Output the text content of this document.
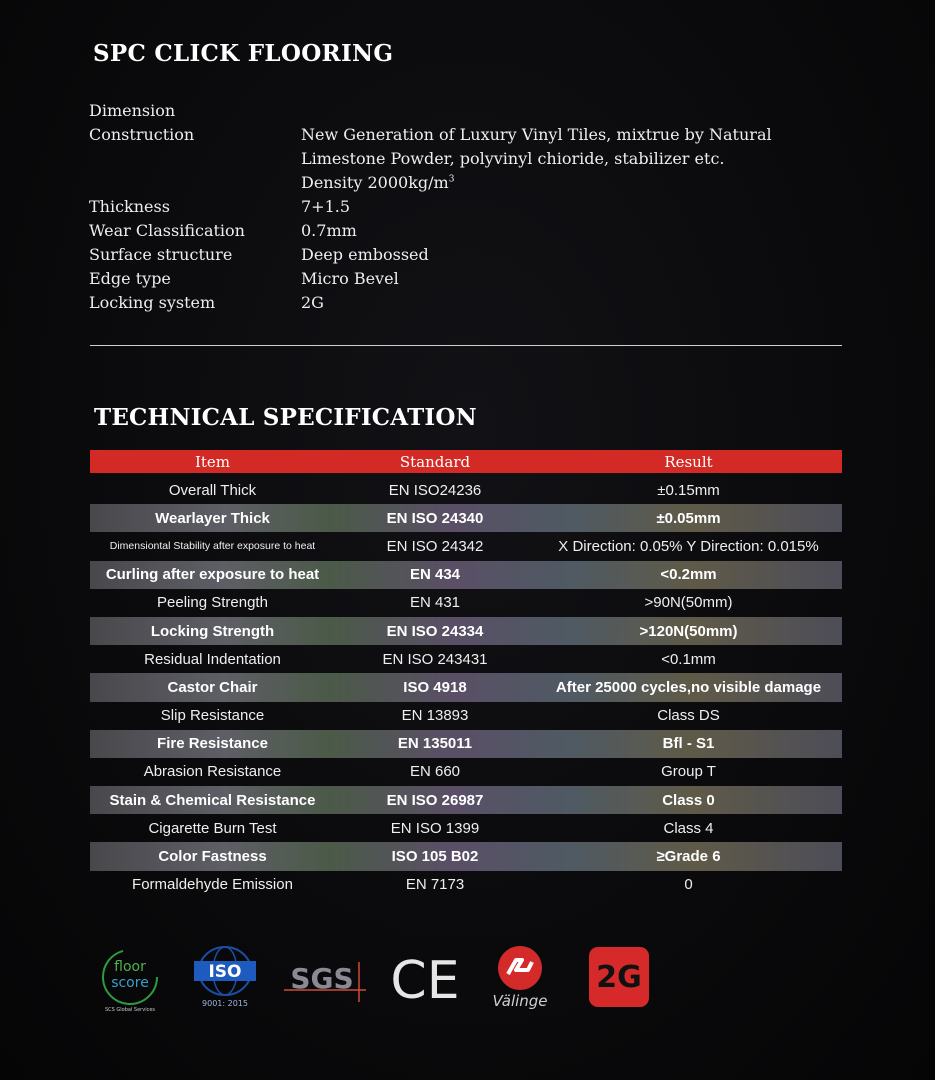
SPC CLICK FLOORING
Dimension
Construction	New Generation of Luxury Vinyl Tiles, mixtrue by Natural
Limestone Powder, polyvinyl chioride, stabilizer etc.
Density $2000kg/m^3$
Thickness	7+1.5
Wear Classification	0.7mm
Surface structure	Deep embossed
Edge type	Micro Bevel
Locking system	2G
TECHNICAL SPECIFICATION
Item	Standard	Result
Overall Thick	EN ISO24236	±0.15mm
Wearlayer Thick	EN ISO 24340	±0.05mm
Dimensiontal Stability after exposure to heat	EN ISO 24342	X Direction: 0.05% Y Direction: 0.015%
Curling after exposure to heat	EN 434	<0.2mm
Peeling Strength	EN 431	>90N(50mm)
Locking Strength	EN ISO 24334	>120N(50mm)
Residual Indentation	EN ISO 243431	<0.1mm
Castor Chair	ISO 4918	After 25000 cycles,no visible damage
Slip Resistance	EN 13893	Class DS
Fire Resistance	EN 135011	Bfl - S1
Abrasion Resistance	EN 660	Group T
Stain & Chemical Resistance	EN ISO 26987	Class 0
Cigarette Burn Test	EN ISO 1399	Class 4
Color Fastness	ISO 105 B02	≥Grade 6
Formaldehyde Emission	EN 7173	0
floor
score
SCS Global Services
ISO
9001: 2015
SGS CE Välinge
2G
